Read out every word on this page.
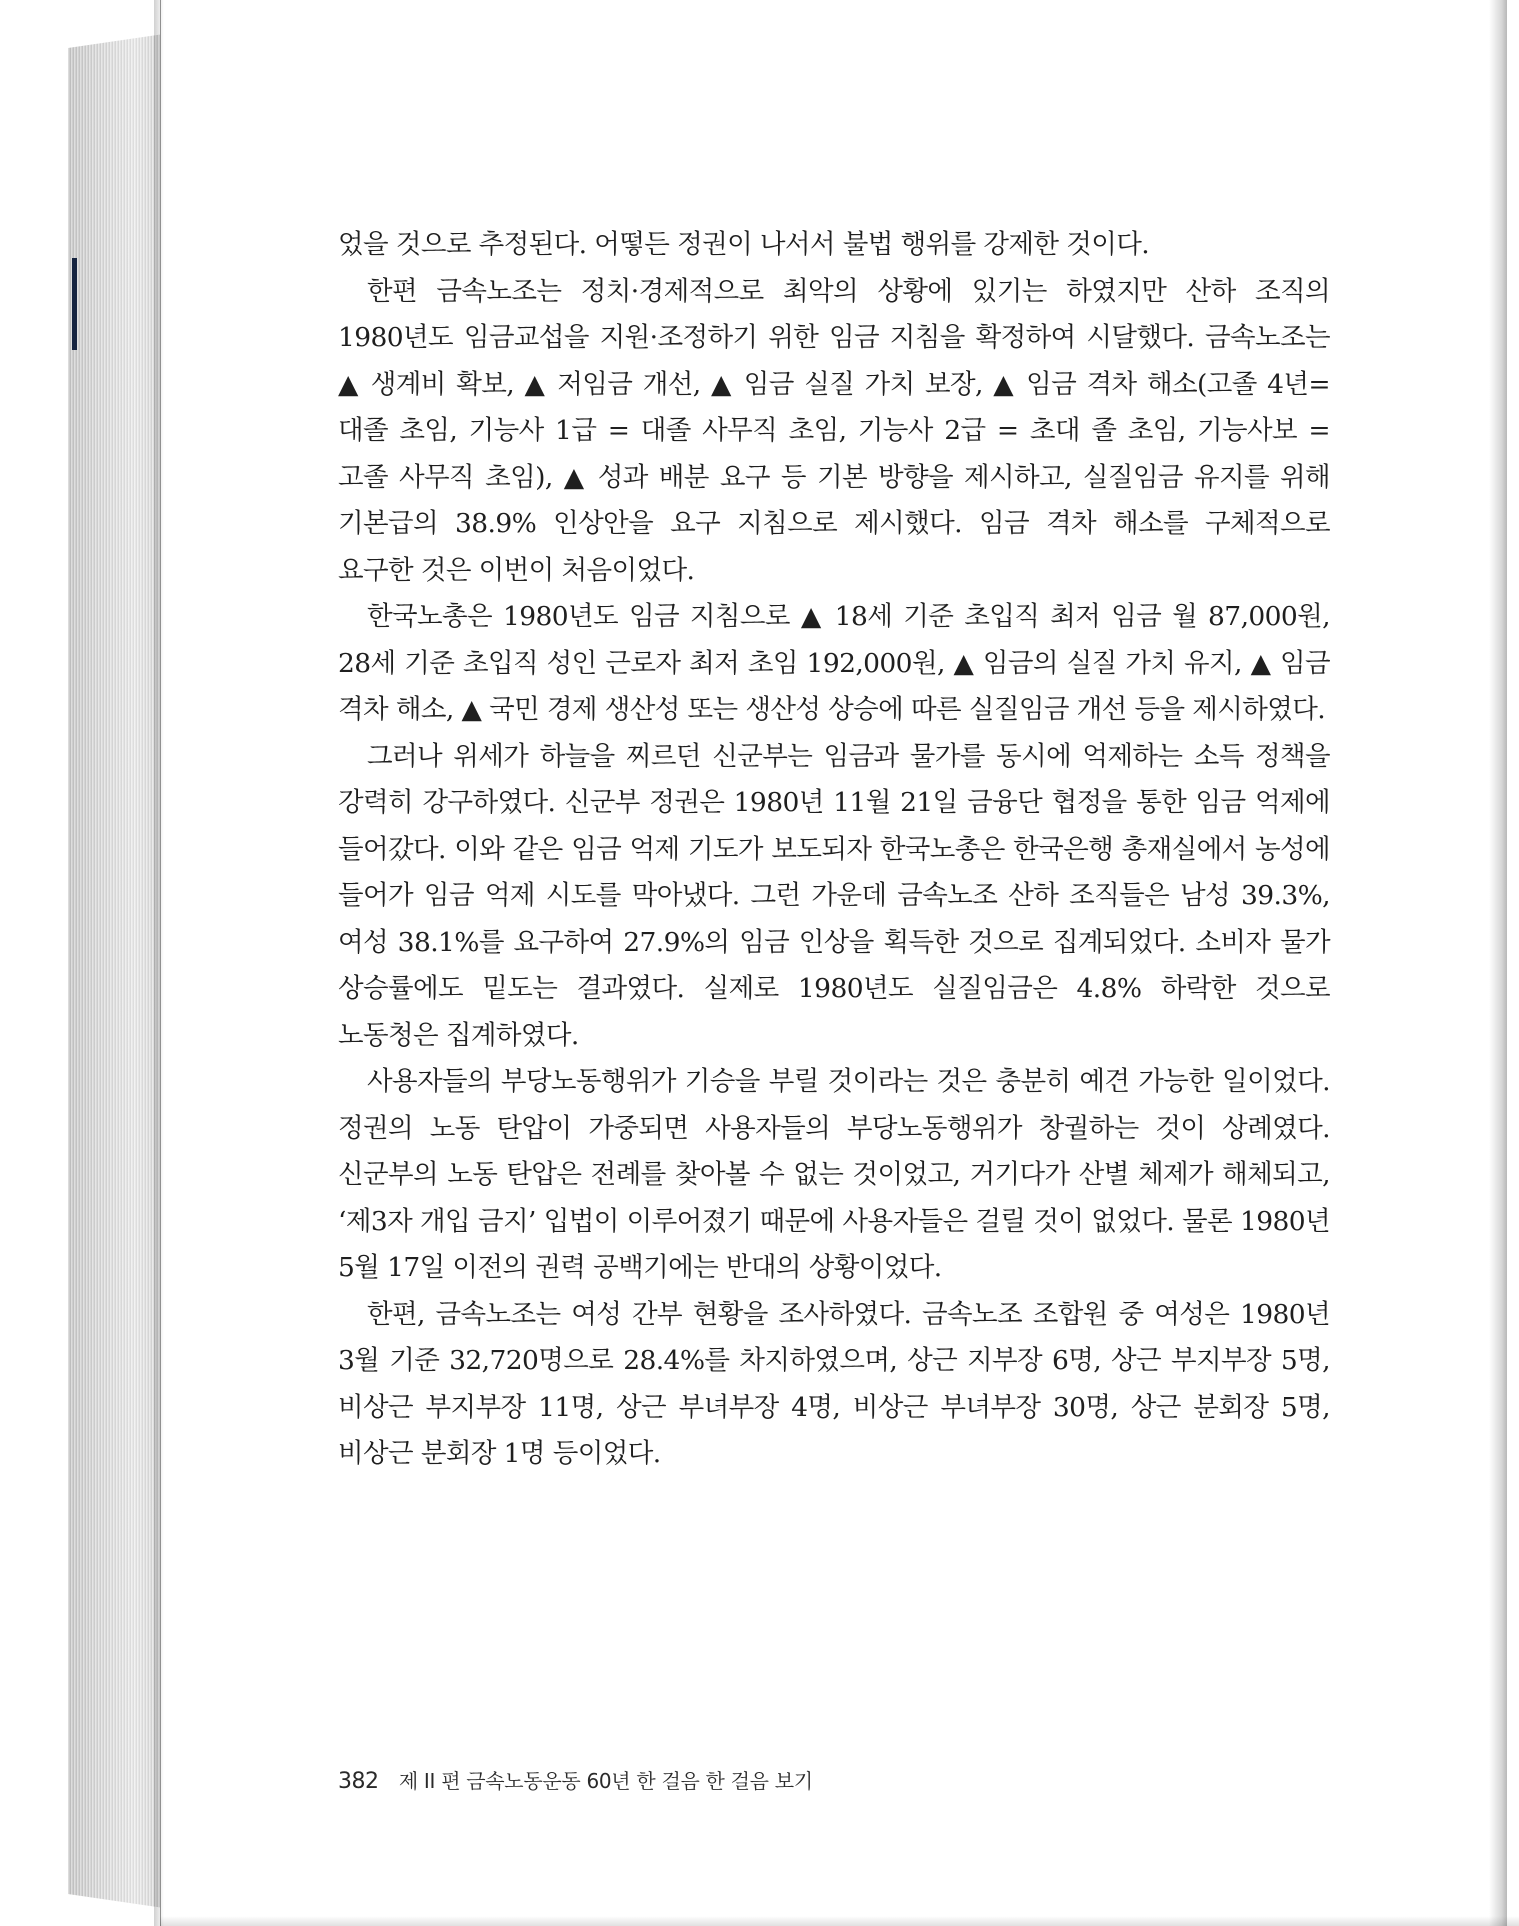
었을 것으로 추정된다. 어떻든 정권이 나서서 불법 행위를 강제한 것이다.

한편 금속노조는 정치·경제적으로 최악의 상황에 있기는 하였지만 산하 조직의 1980년도 임금교섭을 지원·조정하기 위한 임금 지침을 확정하여 시달했다. 금속노조는 ▲ 생계비 확보, ▲ 저임금 개선, ▲ 임금 실질 가치 보장, ▲ 임금 격차 해소(고졸 4년= 대졸 초임, 기능사 1급 = 대졸 사무직 초임, 기능사 2급 = 초대 졸 초임, 기능사보 = 고졸 사무직 초임), ▲ 성과 배분 요구 등 기본 방향을 제시하고, 실질임금 유지를 위해 기본급의 38.9% 인상안을 요구 지침으로 제시했다. 임금 격차 해소를 구체적으로 요구한 것은 이번이 처음이었다.

한국노총은 1980년도 임금 지침으로 ▲ 18세 기준 초입직 최저 임금 월 87,000원, 28세 기준 초입직 성인 근로자 최저 초임 192,000원, ▲ 임금의 실질 가치 유지, ▲ 임금 격차 해소, ▲ 국민 경제 생산성 또는 생산성 상승에 따른 실질임금 개선 등을 제시하였다.

그러나 위세가 하늘을 찌르던 신군부는 임금과 물가를 동시에 억제하는 소득 정책을 강력히 강구하였다. 신군부 정권은 1980년 11월 21일 금융단 협정을 통한 임금 억제에 들어갔다. 이와 같은 임금 억제 기도가 보도되자 한국노총은 한국은행 총재실에서 농성에 들어가 임금 억제 시도를 막아냈다. 그런 가운데 금속노조 산하 조직들은 남성 39.3%, 여성 38.1%를 요구하여 27.9%의 임금 인상을 획득한 것으로 집계되었다. 소비자 물가 상승률에도 밑도는 결과였다. 실제로 1980년도 실질임금은 4.8% 하락한 것으로 노동청은 집계하였다.

사용자들의 부당노동행위가 기승을 부릴 것이라는 것은 충분히 예견 가능한 일이었다. 정권의 노동 탄압이 가중되면 사용자들의 부당노동행위가 창궐하는 것이 상례였다. 신군부의 노동 탄압은 전례를 찾아볼 수 없는 것이었고, 거기다가 산별 체제가 해체되고, ‘제3자 개입 금지’ 입법이 이루어졌기 때문에 사용자들은 걸릴 것이 없었다. 물론 1980년 5월 17일 이전의 권력 공백기에는 반대의 상황이었다.

한편, 금속노조는 여성 간부 현황을 조사하였다. 금속노조 조합원 중 여성은 1980년 3월 기준 32,720명으로 28.4%를 차지하였으며, 상근 지부장 6명, 상근 부지부장 5명, 비상근 부지부장 11명, 상근 부녀부장 4명, 비상근 부녀부장 30명, 상근 분회장 5명, 비상근 분회장 1명 등이었다.

382 제 II 편 금속노동운동 60년 한 걸음 한 걸음 보기
